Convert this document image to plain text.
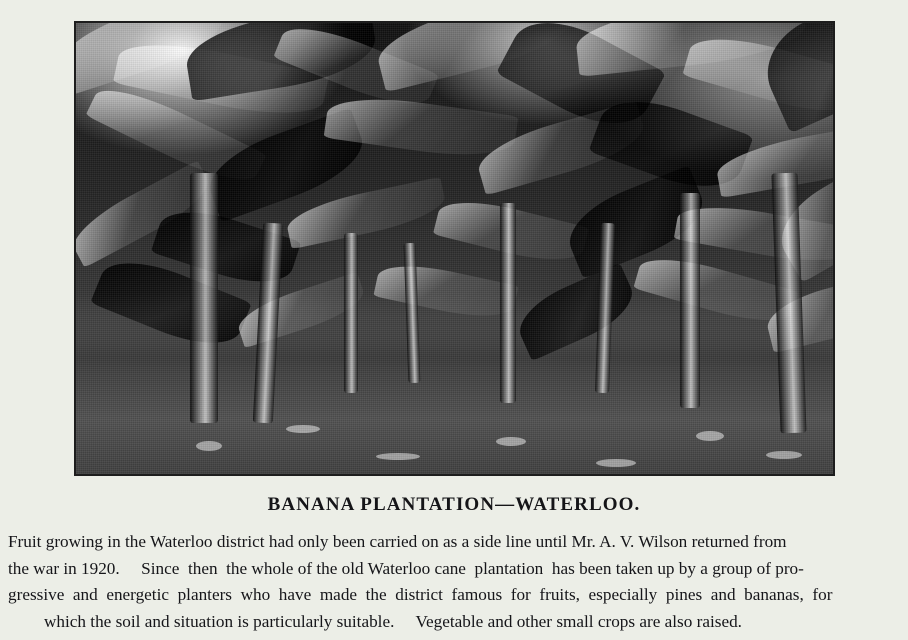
BANANA PLANTATION—WATERLOO.

Fruit growing in the Waterloo district had only been carried on as a side line until Mr. A. V. Wilson returned from
the war in 1920.     Since  then  the whole of the old Waterloo cane  plantation  has been taken up by a group of pro-
gressive  and  energetic  planters  who  have  made  the  district  famous  for  fruits,  especially  pines  and  bananas,  for
which the soil and situation is particularly suitable.     Vegetable and other small crops are also raised.
